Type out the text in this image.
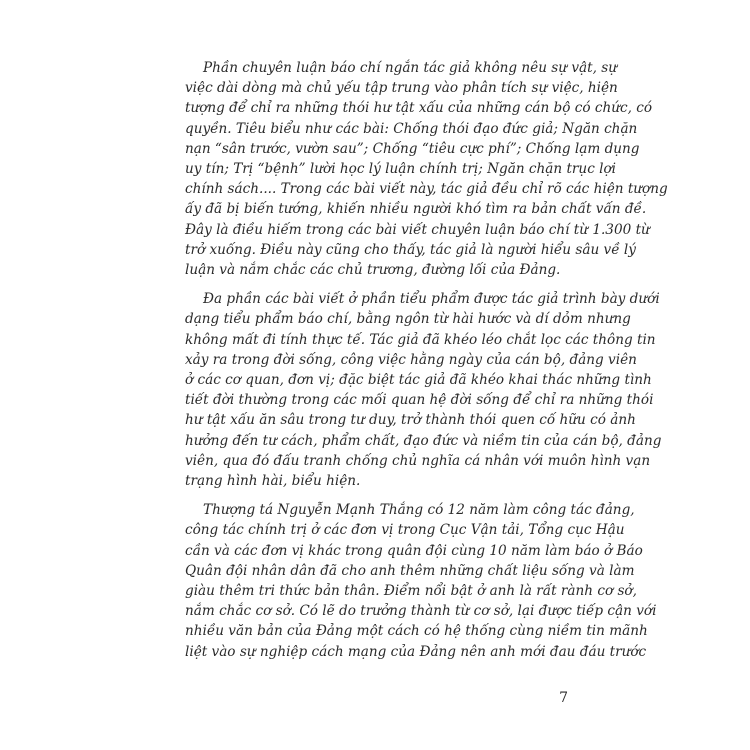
Phần chuyên luận báo chí ngắn tác giả không nêu sự vật, sự
việc dài dòng mà chủ yếu tập trung vào phân tích sự việc, hiện
tượng để chỉ ra những thói hư tật xấu của những cán bộ có chức, có
quyền. Tiêu biểu như các bài: Chống thói đạo đức giả; Ngăn chặn
nạn “sân trước, vườn sau”; Chống “tiêu cực phí”; Chống lạm dụng
uy tín; Trị “bệnh” lười học lý luận chính trị; Ngăn chặn trục lợi
chính sách.... Trong các bài viết này, tác giả đều chỉ rõ các hiện tượng
ấy đã bị biến tướng, khiến nhiều người khó tìm ra bản chất vấn đề.
Đây là điều hiếm trong các bài viết chuyên luận báo chí từ 1.300 từ
trở xuống. Điều này cũng cho thấy, tác giả là người hiểu sâu về lý
luận và nắm chắc các chủ trương, đường lối của Đảng.
Đa phần các bài viết ở phần tiểu phẩm được tác giả trình bày dưới
dạng tiểu phẩm báo chí, bằng ngôn từ hài hước và dí dỏm nhưng
không mất đi tính thực tế. Tác giả đã khéo léo chắt lọc các thông tin
xảy ra trong đời sống, công việc hằng ngày của cán bộ, đảng viên
ở các cơ quan, đơn vị; đặc biệt tác giả đã khéo khai thác những tình
tiết đời thường trong các mối quan hệ đời sống để chỉ ra những thói
hư tật xấu ăn sâu trong tư duy, trở thành thói quen cố hữu có ảnh
hưởng đến tư cách, phẩm chất, đạo đức và niềm tin của cán bộ, đảng
viên, qua đó đấu tranh chống chủ nghĩa cá nhân với muôn hình vạn
trạng hình hài, biểu hiện.
Thượng tá Nguyễn Mạnh Thắng có 12 năm làm công tác đảng,
công tác chính trị ở các đơn vị trong Cục Vận tải, Tổng cục Hậu
cần và các đơn vị khác trong quân đội cùng 10 năm làm báo ở Báo
Quân đội nhân dân đã cho anh thêm những chất liệu sống và làm
giàu thêm tri thức bản thân. Điểm nổi bật ở anh là rất rành cơ sở,
nắm chắc cơ sở. Có lẽ do trưởng thành từ cơ sở, lại được tiếp cận với
nhiều văn bản của Đảng một cách có hệ thống cùng niềm tin mãnh
liệt vào sự nghiệp cách mạng của Đảng nên anh mới đau đáu trước
7
